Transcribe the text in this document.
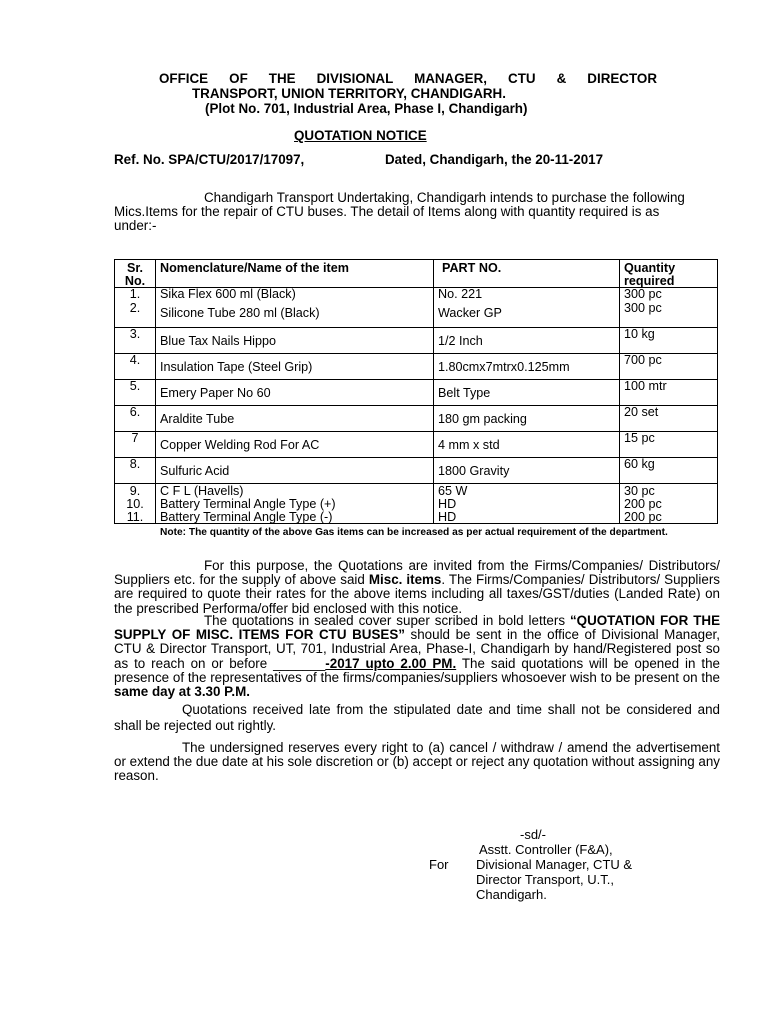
OFFICE OF THE DIVISIONAL MANAGER, CTU & DIRECTOR
TRANSPORT, UNION TERRITORY, CHANDIGARH.
(Plot No. 701, Industrial Area, Phase I, Chandigarh)
QUOTATION NOTICE
Ref. No. SPA/CTU/2017/17097,	Dated, Chandigarh, the 20-11-2017
Chandigarh Transport Undertaking, Chandigarh intends to purchase the following Mics.Items for the repair of CTU buses. The detail of Items along with quantity required is as under:-
Sr.
No.
Nomenclature/Name of the item	PART NO.	Quantity
required
1.	Sika Flex 600 ml (Black)	No. 221	300 pc
2.	Silicone Tube 280 ml (Black)	Wacker GP	300 pc
3.	Blue Tax Nails Hippo	1/2 Inch	10 kg
4.	Insulation Tape (Steel Grip)	1.80cmx7mtrx0.125mm	700 pc
5.	Emery Paper No 60	Belt Type	100 mtr
6.	Araldite Tube	180 gm packing	20 set
7	Copper Welding Rod For AC	4 mm x std	15 pc
8.	Sulfuric Acid	1800 Gravity	60 kg
9.	C F L (Havells)	65 W	30 pc
10.	Battery Terminal Angle Type (+)	HD	200 pc
11.	Battery Terminal Angle Type (-)	HD	200 pc
Note: The quantity of the above Gas items can be increased as per actual requirement of the department.
For this purpose, the Quotations are invited from the Firms/Companies/ Distributors/ Suppliers etc. for the supply of above said Misc. items. The Firms/Companies/ Distributors/ Suppliers are required to quote their rates for the above items including all taxes/GST/duties (Landed Rate) on the prescribed Performa/offer bid enclosed with this notice.
The quotations in sealed cover super scribed in bold letters “QUOTATION FOR THE SUPPLY OF MISC. ITEMS FOR CTU BUSES” should be sent in the office of Divisional Manager, CTU & Director Transport, UT, 701, Industrial Area, Phase-I, Chandigarh by hand/Registered post so as to reach on or before _______-2017 upto 2.00 PM. The said quotations will be opened in the presence of the representatives of the firms/companies/suppliers whosoever wish to be present on the same day at 3.30 P.M.
Quotations received late from the stipulated date and time shall not be considered and shall be rejected out rightly.
The undersigned reserves every right to (a) cancel / withdraw / amend the advertisement or extend the due date at his sole discretion or (b) accept or reject any quotation without assigning any reason.
-sd/-
Asstt. Controller (F&A),
For Divisional Manager, CTU &
Director Transport, U.T.,
Chandigarh.
